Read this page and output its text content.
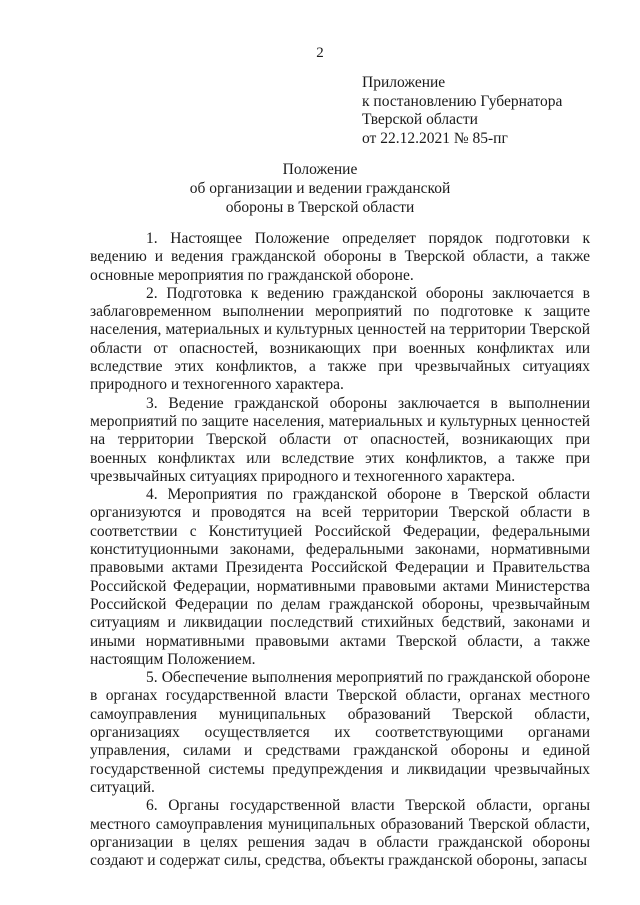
2
Приложение
к постановлению Губернатора
Тверской области
от 22.12.2021 № 85-пг
Положение
об организации и ведении гражданской
обороны в Тверской области

1. Настоящее Положение определяет порядок подготовки к ведению и ведения гражданской обороны в Тверской области, а также основные мероприятия по гражданской обороне.

2. Подготовка к ведению гражданской обороны заключается в заблаговременном выполнении мероприятий по подготовке к защите населения, материальных и культурных ценностей на территории Тверской области от опасностей, возникающих при военных конфликтах или вследствие этих конфликтов, а также при чрезвычайных ситуациях природного и техногенного характера.

3. Ведение гражданской обороны заключается в выполнении мероприятий по защите населения, материальных и культурных ценностей на территории Тверской области от опасностей, возникающих при военных конфликтах или вследствие этих конфликтов, а также при чрезвычайных ситуациях природного и техногенного характера.

4. Мероприятия по гражданской обороне в Тверской области организуются и проводятся на всей территории Тверской области в соответствии с Конституцией Российской Федерации, федеральными конституционными законами, федеральными законами, нормативными правовыми актами Президента Российской Федерации и Правительства Российской Федерации, нормативными правовыми актами Министерства Российской Федерации по делам гражданской обороны, чрезвычайным ситуациям и ликвидации последствий стихийных бедствий, законами и иными нормативными правовыми актами Тверской области, а также настоящим Положением.

5. Обеспечение выполнения мероприятий по гражданской обороне в органах государственной власти Тверской области, органах местного самоуправления муниципальных образований Тверской области, организациях осуществляется их соответствующими органами управления, силами и средствами гражданской обороны и единой государственной системы предупреждения и ликвидации чрезвычайных ситуаций.

6. Органы государственной власти Тверской области, органы местного самоуправления муниципальных образований Тверской области, организации в целях решения задач в области гражданской обороны создают и содержат силы, средства, объекты гражданской обороны, запасы
